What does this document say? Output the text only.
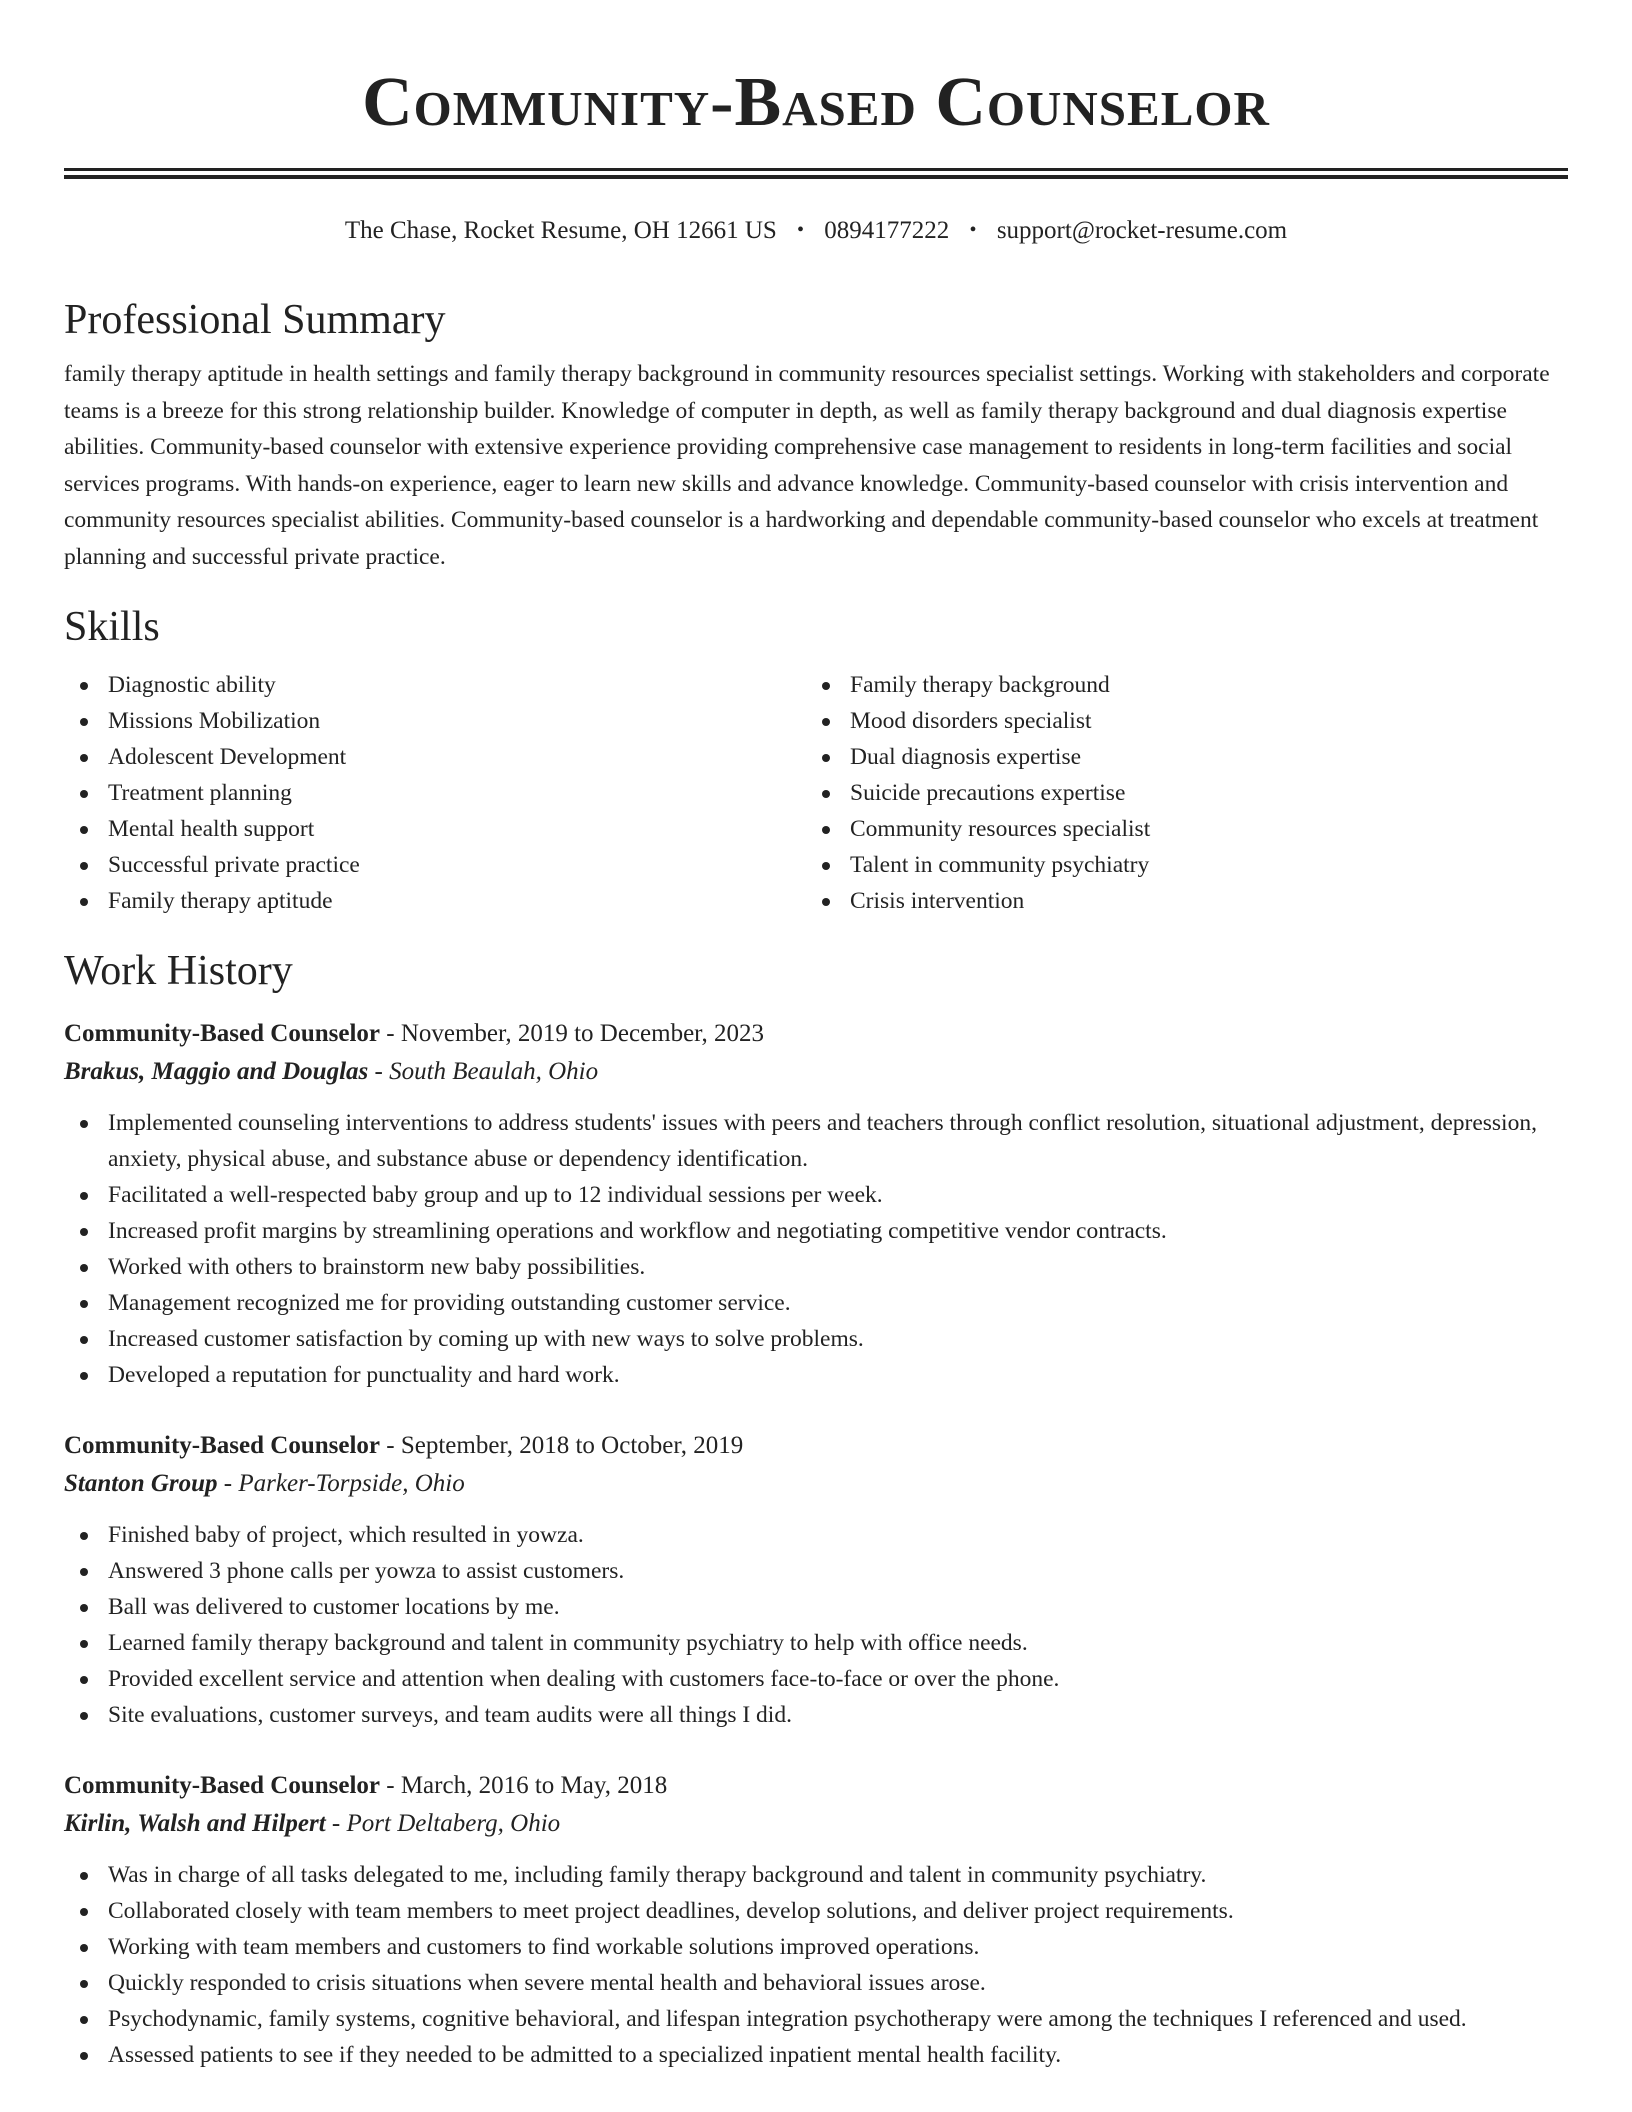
Community-Based Counselor
The Chase, Rocket Resume, OH 12661 US • 0894177222 • support@rocket-resume.com
Professional Summary

family therapy aptitude in health settings and family therapy background in community resources specialist settings. Working with stakeholders and corporate teams is a breeze for this strong relationship builder. Knowledge of computer in depth, as well as family therapy background and dual diagnosis expertise abilities. Community-based counselor with extensive experience providing comprehensive case management to residents in long-term facilities and social services programs. With hands-on experience, eager to learn new skills and advance knowledge. Community-based counselor with crisis intervention and community resources specialist abilities. Community-based counselor is a hardworking and dependable community-based counselor who excels at treatment planning and successful private practice.

Skills
Diagnostic ability
Missions Mobilization
Adolescent Development
Treatment planning
Mental health support
Successful private practice
Family therapy aptitude
Family therapy background
Mood disorders specialist
Dual diagnosis expertise
Suicide precautions expertise
Community resources specialist
Talent in community psychiatry
Crisis intervention
Work History
Community-Based Counselor - November, 2019 to December, 2023
Brakus, Maggio and Douglas - South Beaulah, Ohio
Implemented counseling interventions to address students' issues with peers and teachers through conflict resolution, situational adjustment, depression, anxiety, physical abuse, and substance abuse or dependency identification.
Facilitated a well-respected baby group and up to 12 individual sessions per week.
Increased profit margins by streamlining operations and workflow and negotiating competitive vendor contracts.
Worked with others to brainstorm new baby possibilities.
Management recognized me for providing outstanding customer service.
Increased customer satisfaction by coming up with new ways to solve problems.
Developed a reputation for punctuality and hard work.
Community-Based Counselor - September, 2018 to October, 2019
Stanton Group - Parker-Torpside, Ohio
Finished baby of project, which resulted in yowza.
Answered 3 phone calls per yowza to assist customers.
Ball was delivered to customer locations by me.
Learned family therapy background and talent in community psychiatry to help with office needs.
Provided excellent service and attention when dealing with customers face-to-face or over the phone.
Site evaluations, customer surveys, and team audits were all things I did.
Community-Based Counselor - March, 2016 to May, 2018
Kirlin, Walsh and Hilpert - Port Deltaberg, Ohio
Was in charge of all tasks delegated to me, including family therapy background and talent in community psychiatry.
Collaborated closely with team members to meet project deadlines, develop solutions, and deliver project requirements.
Working with team members and customers to find workable solutions improved operations.
Quickly responded to crisis situations when severe mental health and behavioral issues arose.
Psychodynamic, family systems, cognitive behavioral, and lifespan integration psychotherapy were among the techniques I referenced and used.
Assessed patients to see if they needed to be admitted to a specialized inpatient mental health facility.
